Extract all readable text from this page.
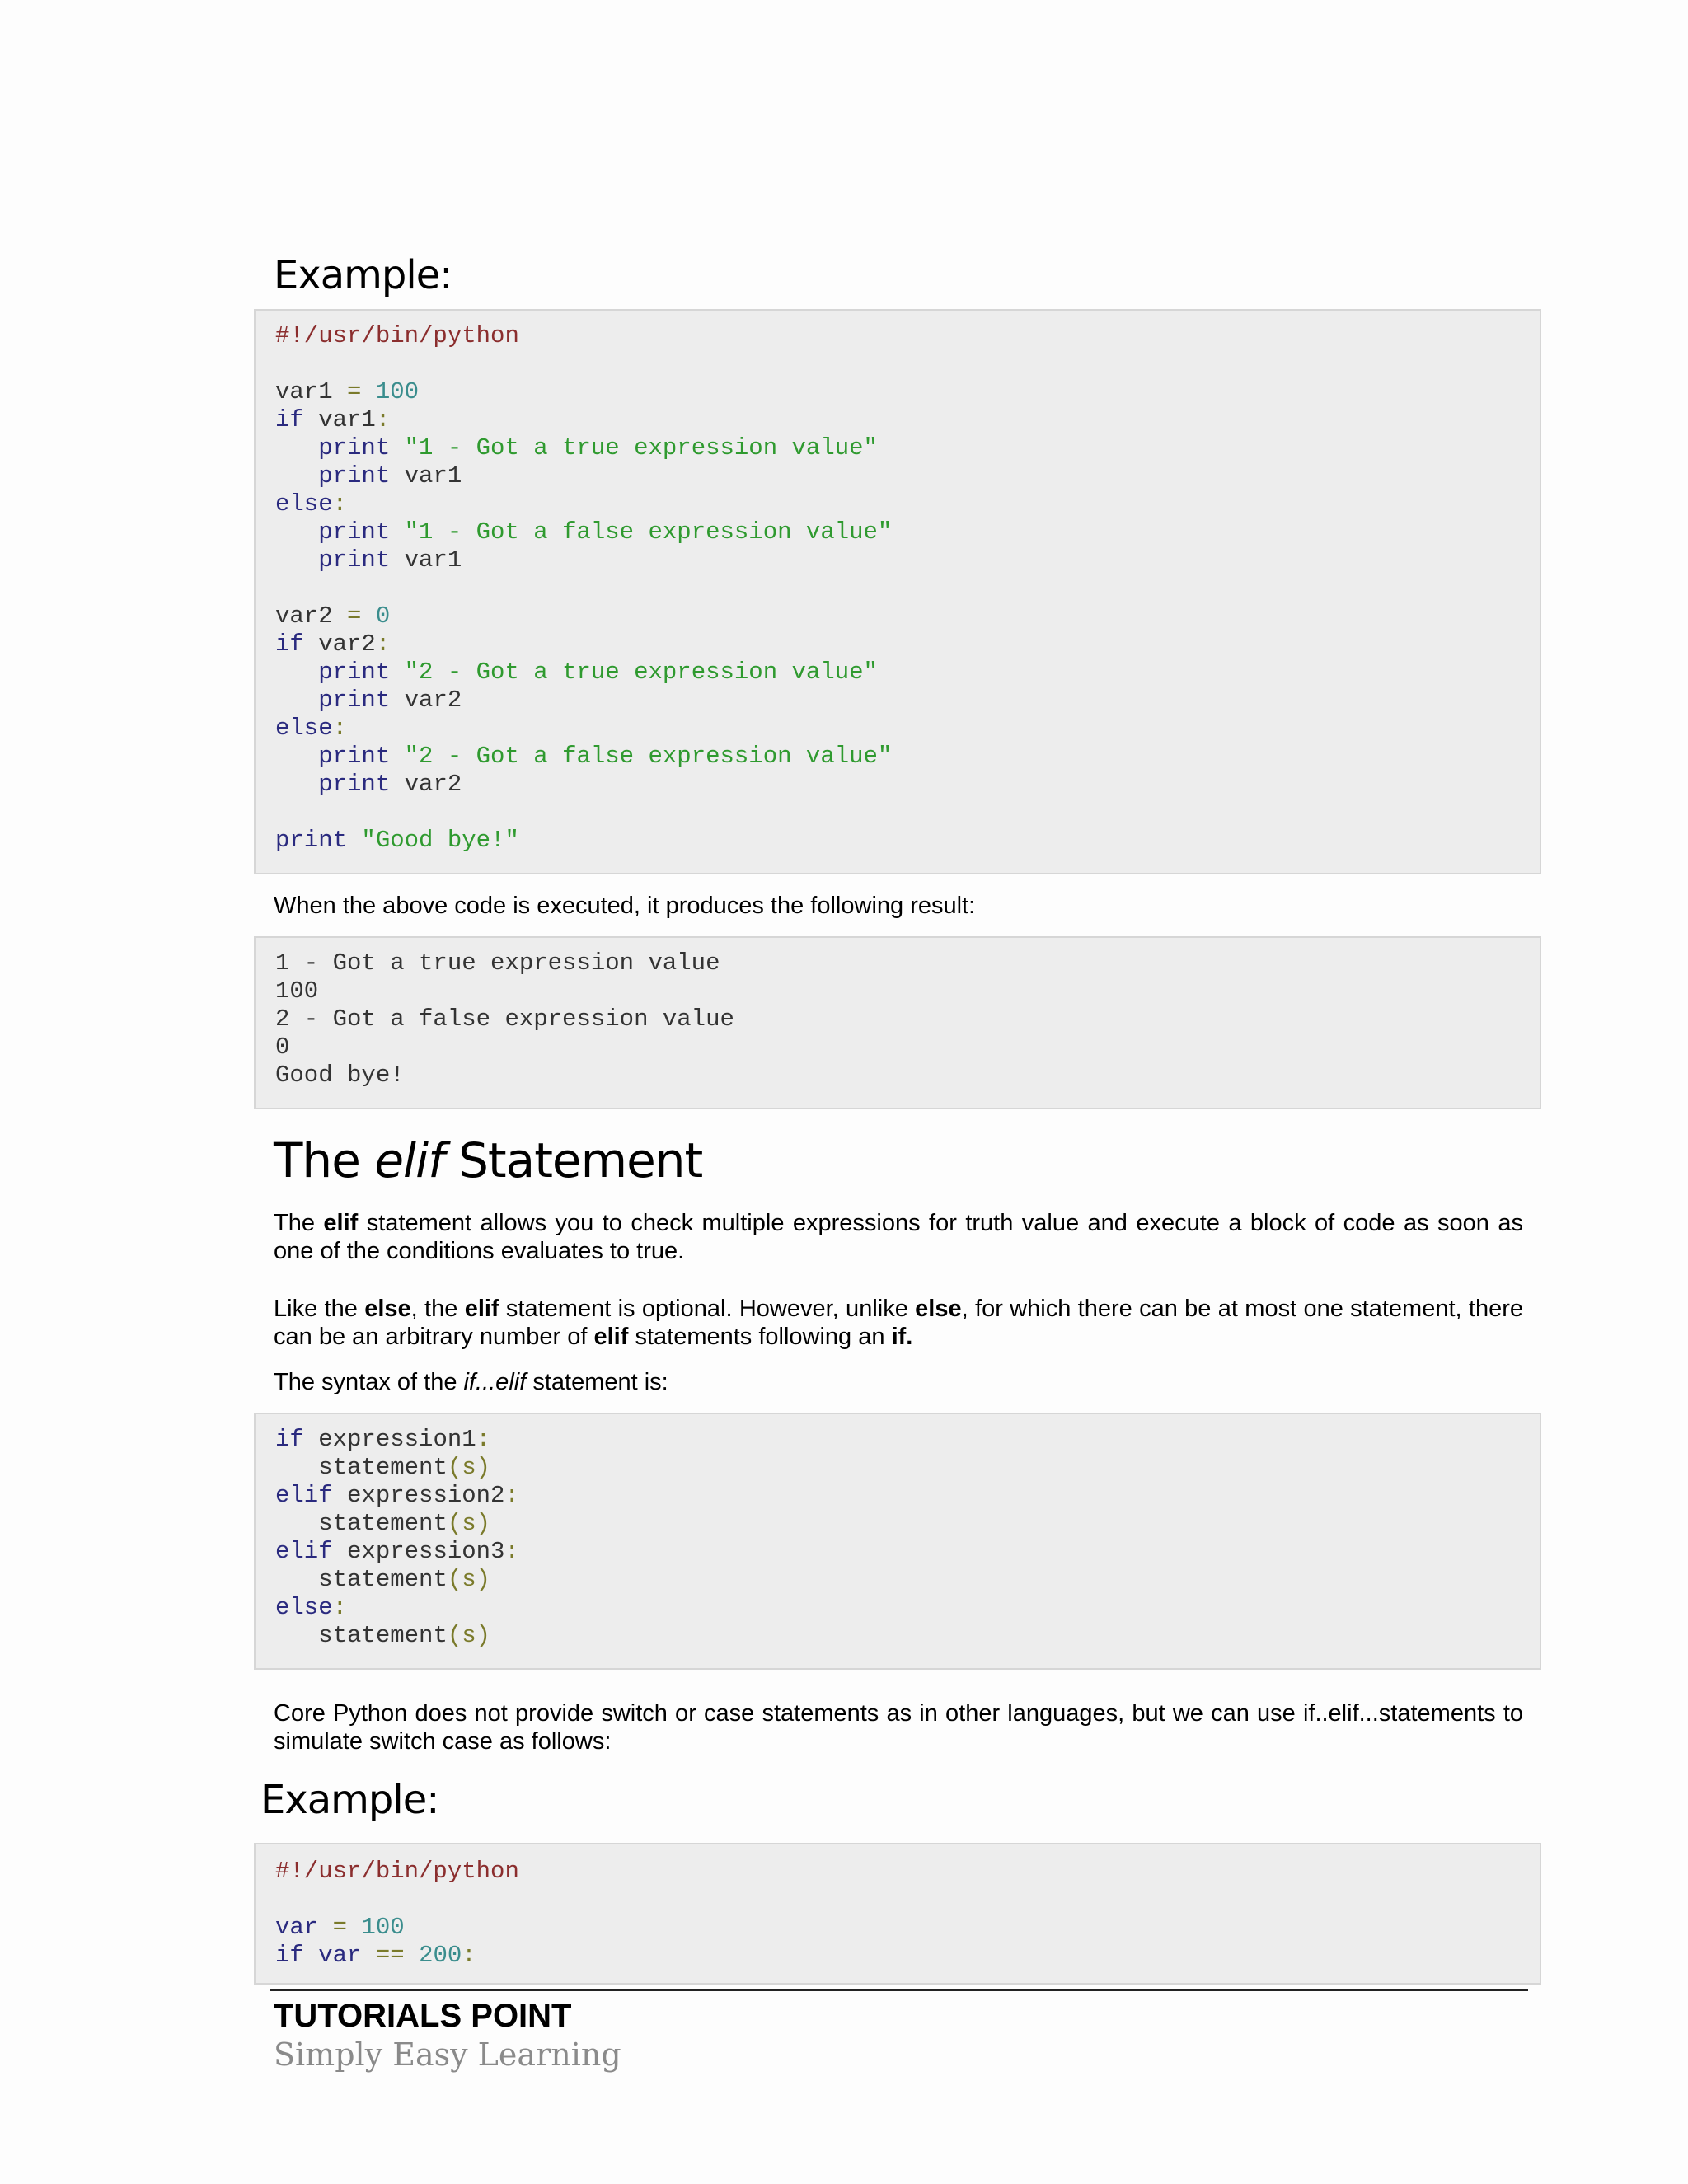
Example:
#!/usr/bin/python
var1 = 100
if var1:
print "1 - Got a true expression value"
print var1
else:
print "1 - Got a false expression value"
print var1
var2 = 0
if var2:
print "2 - Got a true expression value"
print var2
else:
print "2 - Got a false expression value"
print var2
print "Good bye!"

When the above code is executed, it produces the following result:

1 - Got a true expression value
100
2 - Got a false expression value
0
Good bye!
The elif Statement

The elif statement allows you to check multiple expressions for truth value and execute a block of code as soon as one of the conditions evaluates to true.

Like the else, the elif statement is optional. However, unlike else, for which there can be at most one statement, there can be an arbitrary number of elif statements following an if.

The syntax of the if...elif statement is:

if expression1:
statement(s)
elif expression2:
statement(s)
elif expression3:
statement(s)
else:
statement(s)

Core Python does not provide switch or case statements as in other languages, but we can use if..elif...statements to simulate switch case as follows:

Example:
#!/usr/bin/python
var = 100
if var == 200:

TUTORIALS POINT

Simply Easy Learning
